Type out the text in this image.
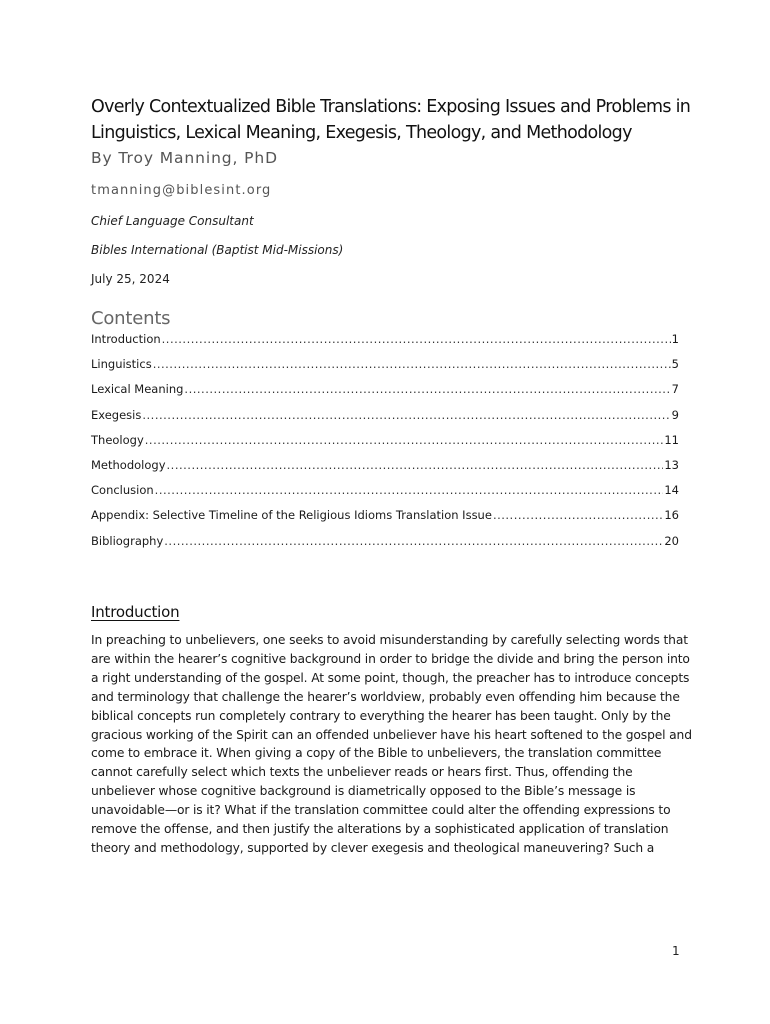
Overly Contextualized Bible Translations: Exposing Issues and Problems in Linguistics, Lexical Meaning, Exegesis, Theology, and Methodology
By Troy Manning, PhD
tmanning@biblesint.org
Chief Language Consultant
Bibles International (Baptist Mid-Missions)
July 25, 2024
Contents
Introduction .....	1
Linguistics .....	5
Lexical Meaning .....	7
Exegesis .....	9
Theology .....	11
Methodology .....	13
Conclusion .....	14
Appendix: Selective Timeline of the Religious Idioms Translation Issue .....	16
Bibliography .....	20
Introduction

In preaching to unbelievers, one seeks to avoid misunderstanding by carefully selecting words that
are within the hearer’s cognitive background in order to bridge the divide and bring the person into
a right understanding of the gospel. At some point, though, the preacher has to introduce concepts
and terminology that challenge the hearer’s worldview, probably even offending him because the
biblical concepts run completely contrary to everything the hearer has been taught. Only by the
gracious working of the Spirit can an offended unbeliever have his heart softened to the gospel and
come to embrace it. When giving a copy of the Bible to unbelievers, the translation committee
cannot carefully select which texts the unbeliever reads or hears first. Thus, offending the
unbeliever whose cognitive background is diametrically opposed to the Bible’s message is
unavoidable—or is it? What if the translation committee could alter the offending expressions to
remove the offense, and then justify the alterations by a sophisticated application of translation
theory and methodology, supported by clever exegesis and theological maneuvering? Such a

1
